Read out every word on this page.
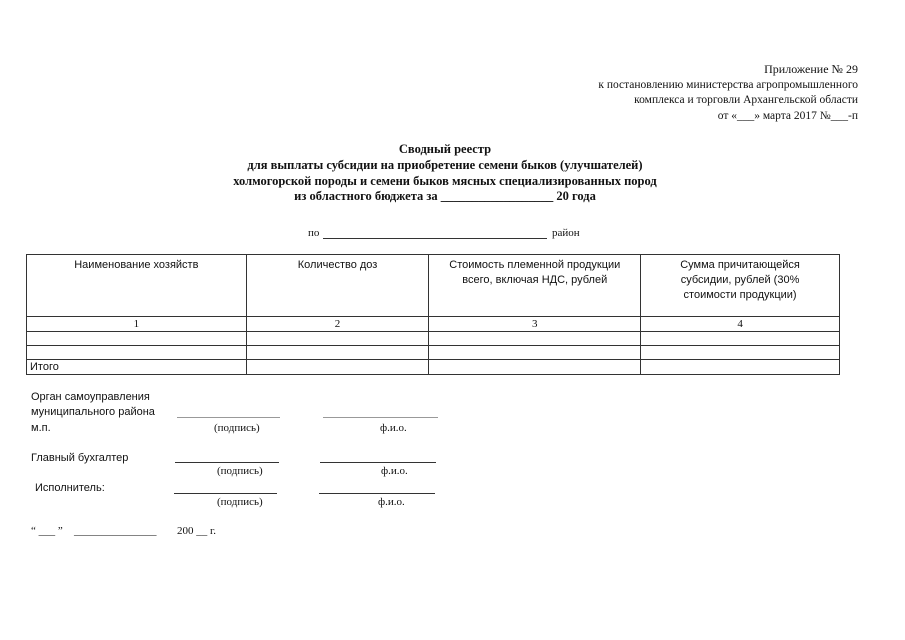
Приложение № 29
к постановлению министерства агропромышленного
комплекса и торговли Архангельской области
от «___» марта 2017 №___-п
Сводный реестр
для выплаты субсидии на приобретение семени быков (улучшателей)
холмогорской породы и семени быков мясных специализированных пород
из областного бюджета за __________________ 20 года
по	район
Наименование хозяйств	Количество доз	Стоимость племенной продукции всего, включая НДС, рублей	Сумма причитающейся субсидии, рублей (30% стоимости продукции)
1	2	3	4

Итого			
Орган самоуправления
муниципального района
м.п.	(подпись)	ф.и.о.
Главный бухгалтер
(подпись)	ф.и.о.
Исполнитель:
(подпись)	ф.и.о.
“ ___ ” _______________ 200 __ г.
